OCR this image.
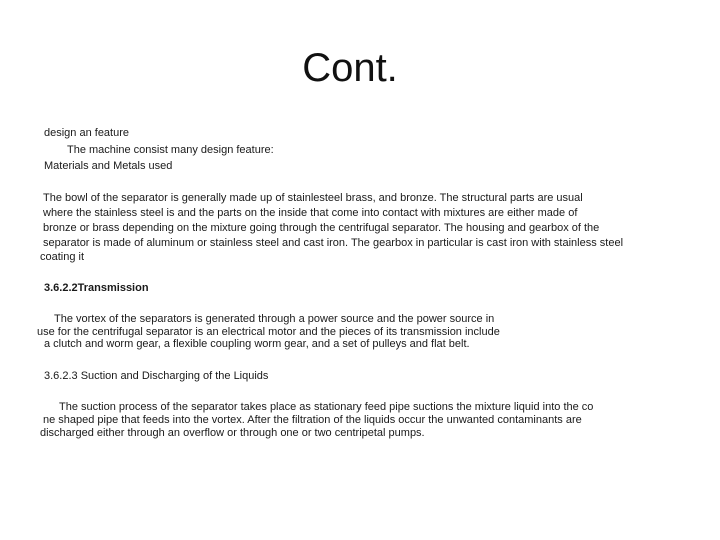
Cont.
design an feature
The machine consist many design feature:
Materials and Metals used
The bowl of the separator is generally made up of stainlesteel brass, and bronze. The structural parts are usual
where the stainless steel is and the parts on the inside that come into contact with mixtures are either made of
bronze or brass depending on the mixture going through the centrifugal separator. The housing and gearbox of the
separator is made of aluminum or stainless steel and cast iron. The gearbox in particular is cast iron with stainless steel
coating it
3.6.2.2Transmission
The vortex of the separators is generated through a power source and the power source in
use for the centrifugal separator is an electrical motor and the pieces of its transmission include
a clutch and worm gear, a flexible coupling worm gear, and a set of pulleys and flat belt.
3.6.2.3 Suction and Discharging of the Liquids
The suction process of the separator takes place as stationary feed pipe suctions the mixture liquid into the co
ne shaped pipe that feeds into the vortex. After the filtration of the liquids occur the unwanted contaminants are
discharged either through an overflow or through one or two centripetal pumps.
